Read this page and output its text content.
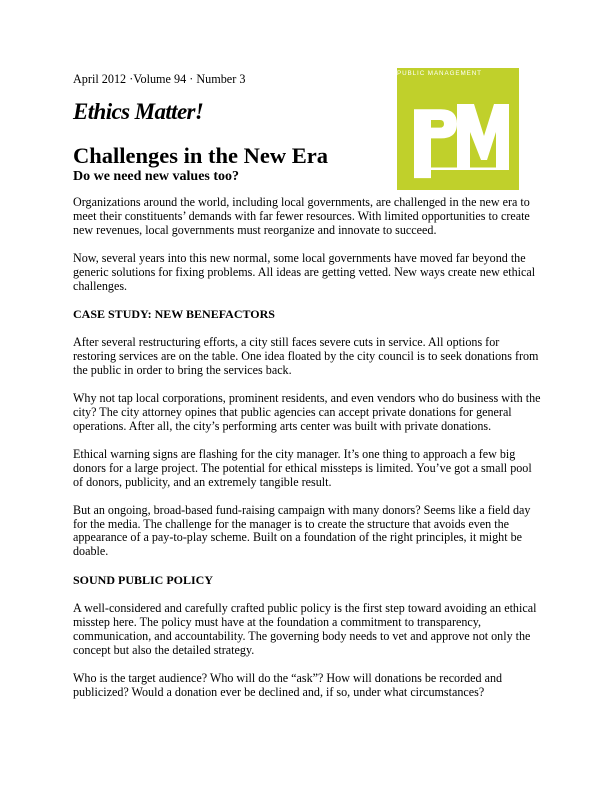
April 2012 ·Volume 94 · Number 3
Ethics Matter!
Challenges in the New Era
Do we need new values too?
PUBLIC MANAGEMENT

Organizations around the world, including local governments, are challenged in the new era to meet their constituents’ demands with far fewer resources. With limited opportunities to create new revenues, local governments must reorganize and innovate to succeed.

Now, several years into this new normal, some local governments have moved far beyond the generic solutions for fixing problems. All ideas are getting vetted. New ways create new ethical challenges.

CASE STUDY: NEW BENEFACTORS

After several restructuring efforts, a city still faces severe cuts in service. All options for restoring services are on the table. One idea floated by the city council is to seek donations from the public in order to bring the services back.

Why not tap local corporations, prominent residents, and even vendors who do business with the city? The city attorney opines that public agencies can accept private donations for general operations. After all, the city’s performing arts center was built with private donations.

Ethical warning signs are flashing for the city manager. It’s one thing to approach a few big donors for a large project. The potential for ethical missteps is limited. You’ve got a small pool of donors, publicity, and an extremely tangible result.

But an ongoing, broad-based fund-raising campaign with many donors? Seems like a field day for the media. The challenge for the manager is to create the structure that avoids even the appearance of a pay-to-play scheme. Built on a foundation of the right principles, it might be doable.

SOUND PUBLIC POLICY

A well-considered and carefully crafted public policy is the first step toward avoiding an ethical misstep here. The policy must have at the foundation a commitment to transparency, communication, and accountability. The governing body needs to vet and approve not only the concept but also the detailed strategy.

Who is the target audience? Who will do the “ask”? How will donations be recorded and publicized? Would a donation ever be declined and, if so, under what circumstances?
